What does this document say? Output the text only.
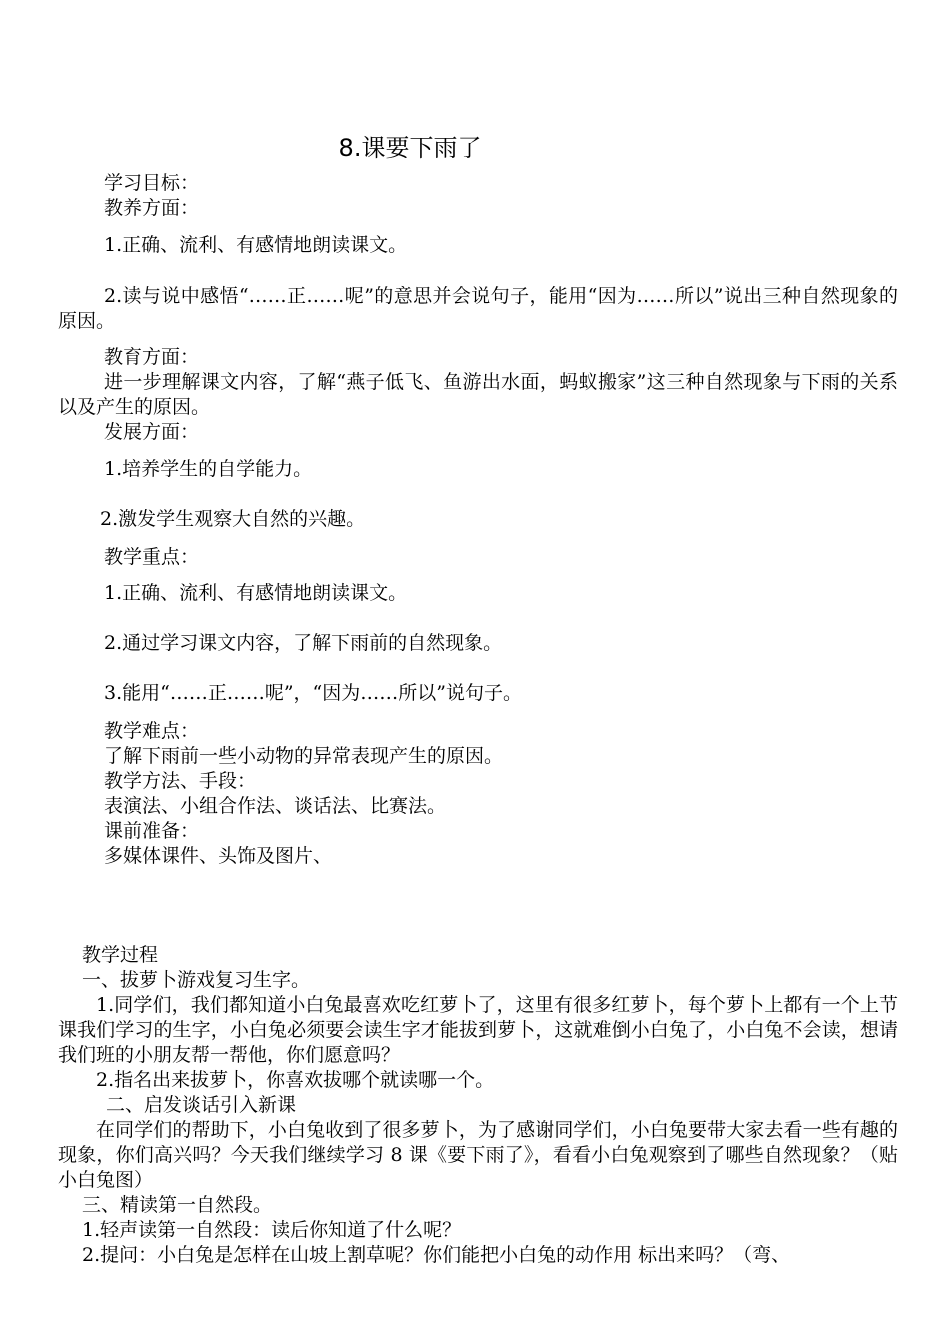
8.课要下雨了
学习目标：
教养方面：
1.正确、流利、有感情地朗读课文。
2.读与说中感悟“……正……呢”的意思并会说句子，能用“因为……所以”说出三种自然现象的原因。
教育方面：
进一步理解课文内容，了解“燕子低飞、鱼游出水面，蚂蚁搬家”这三种自然现象与下雨的关系以及产生的原因。
发展方面：
1.培养学生的自学能力。
2.激发学生观察大自然的兴趣。
教学重点：
1.正确、流利、有感情地朗读课文。
2.通过学习课文内容，了解下雨前的自然现象。
3.能用“……正……呢”，“因为……所以”说句子。
教学难点：
了解下雨前一些小动物的异常表现产生的原因。
教学方法、手段：
表演法、小组合作法、谈话法、比赛法。
课前准备：
多媒体课件、头饰及图片、
教学过程
一、拔萝卜游戏复习生字。
1.同学们，我们都知道小白兔最喜欢吃红萝卜了，这里有很多红萝卜，每个萝卜上都有一个上节课我们学习的生字，小白兔必须要会读生字才能拔到萝卜，这就难倒小白兔了，小白兔不会读，想请我们班的小朋友帮一帮他，你们愿意吗？
2.指名出来拔萝卜，你喜欢拔哪个就读哪一个。
二、启发谈话引入新课
在同学们的帮助下，小白兔收到了很多萝卜，为了感谢同学们，小白兔要带大家去看一些有趣的现象，你们高兴吗？今天我们继续学习 8 课《要下雨了》，看看小白兔观察到了哪些自然现象？（贴小白兔图）
三、精读第一自然段。
1.轻声读第一自然段：读后你知道了什么呢？
2.提问：小白兔是怎样在山坡上割草呢？你们能把小白兔的动作用 标出来吗？（弯、
